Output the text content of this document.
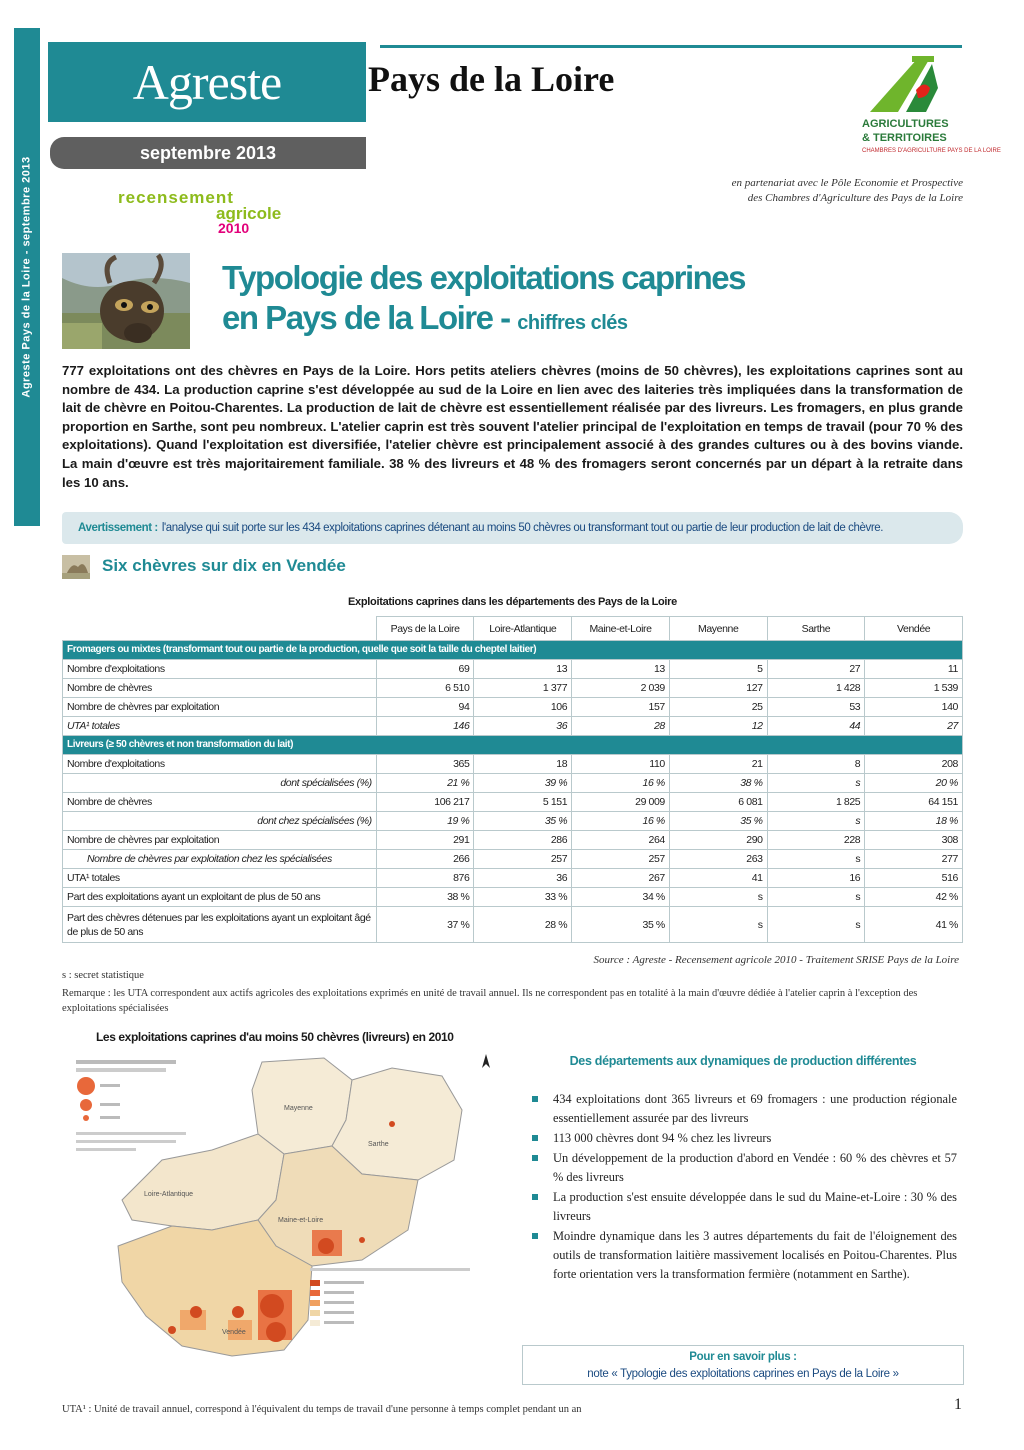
Agreste Pays de la Loire - septembre 2013
Agreste Pays de la Loire
septembre 2013
recensement
agricole
2010
AGRICULTURES
& TERRITOIRES
CHAMBRES D'AGRICULTURE PAYS DE LA LOIRE
en partenariat avec le Pôle Economie et Prospective
des Chambres d'Agriculture des Pays de la Loire
Typologie des exploitations caprines
en Pays de la Loire - chiffres clés

777 exploitations ont des chèvres en Pays de la Loire. Hors petits ateliers chèvres (moins de 50 chèvres), les exploitations caprines sont au nombre de 434. La production caprine s'est développée au sud de la Loire en lien avec des laiteries très impliquées dans la transformation de lait de chèvre en Poitou-Charentes. La production de lait de chèvre est essentiellement réalisée par des livreurs. Les fromagers, en plus grande proportion en Sarthe, sont peu nombreux. L'atelier caprin est très souvent l'atelier principal de l'exploitation en temps de travail (pour 70 % des exploitations). Quand l'exploitation est diversifiée, l'atelier chèvre est principalement associé à des grandes cultures ou à des bovins viande. La main d'œuvre est très majoritairement familiale. 38 % des livreurs et 48 % des fromagers seront concernés par un départ à la retraite dans les 10 ans.

Avertissement : l'analyse qui suit porte sur les 434 exploitations caprines détenant au moins 50 chèvres ou transformant tout ou partie de leur production de lait de chèvre.
Six chèvres sur dix en Vendée
Exploitations caprines dans les départements des Pays de la Loire
	Pays de la Loire	Loire-Atlantique	Maine-et-Loire	Mayenne	Sarthe	Vendée
Fromagers ou mixtes (transformant tout ou partie de la production, quelle que soit la taille du cheptel laitier)						
Nombre d'exploitations	69	13	13	5	27	11
Nombre de chèvres	6 510	1 377	2 039	127	1 428	1 539
Nombre de chèvres par exploitation	94	106	157	25	53	140
UTA¹ totales	146	36	28	12	44	27
Livreurs (≥ 50 chèvres et non transformation du lait)						
Nombre d'exploitations	365	18	110	21	8	208
dont spécialisées (%)	21 %	39 %	16 %	38 %	s	20 %
Nombre de chèvres	106 217	5 151	29 009	6 081	1 825	64 151
dont chez spécialisées (%)	19 %	35 %	16 %	35 %	s	18 %
Nombre de chèvres par exploitation	291	286	264	290	228	308
Nombre de chèvres par exploitation chez les spécialisées	266	257	257	263	s	277
UTA¹ totales	876	36	267	41	16	516
Part des exploitations ayant un exploitant de plus de 50 ans	38 %	33 %	34 %	s	s	42 %
Part des chèvres détenues par les exploitations ayant un exploitant âgé de plus de 50 ans	37 %	28 %	35 %	s	s	41 %
Source : Agreste - Recensement agricole 2010 - Traitement SRISE Pays de la Loire
s : secret statistique
Remarque : les UTA correspondent aux actifs agricoles des exploitations exprimés en unité de travail annuel. Ils ne correspondent pas en totalité à la main d'œuvre dédiée à l'atelier caprin à l'exception des exploitations spécialisées
Les exploitations caprines d'au moins 50 chèvres (livreurs) en 2010
Mayenne
Sarthe
Maine-et-Loire
Vendée
Loire-Atlantique
Des départements aux dynamiques de production différentes
434 exploitations dont 365 livreurs et 69 fromagers : une production régionale essentiellement assurée par des livreurs
113 000 chèvres dont 94 % chez les livreurs
Un développement de la production d'abord en Vendée : 60 % des chèvres et 57 % des livreurs
La production s'est ensuite développée dans le sud du Maine-et-Loire : 30 % des livreurs
Moindre dynamique dans les 3 autres départements du fait de l'éloignement des outils de transformation laitière massivement localisés en Poitou-Charentes. Plus forte orientation vers la transformation fermière (notamment en Sarthe).
Pour en savoir plus :
note « Typologie des exploitations caprines en Pays de la Loire »
UTA¹ : Unité de travail annuel, correspond à l'équivalent du temps de travail d'une personne à temps complet pendant un an	1
